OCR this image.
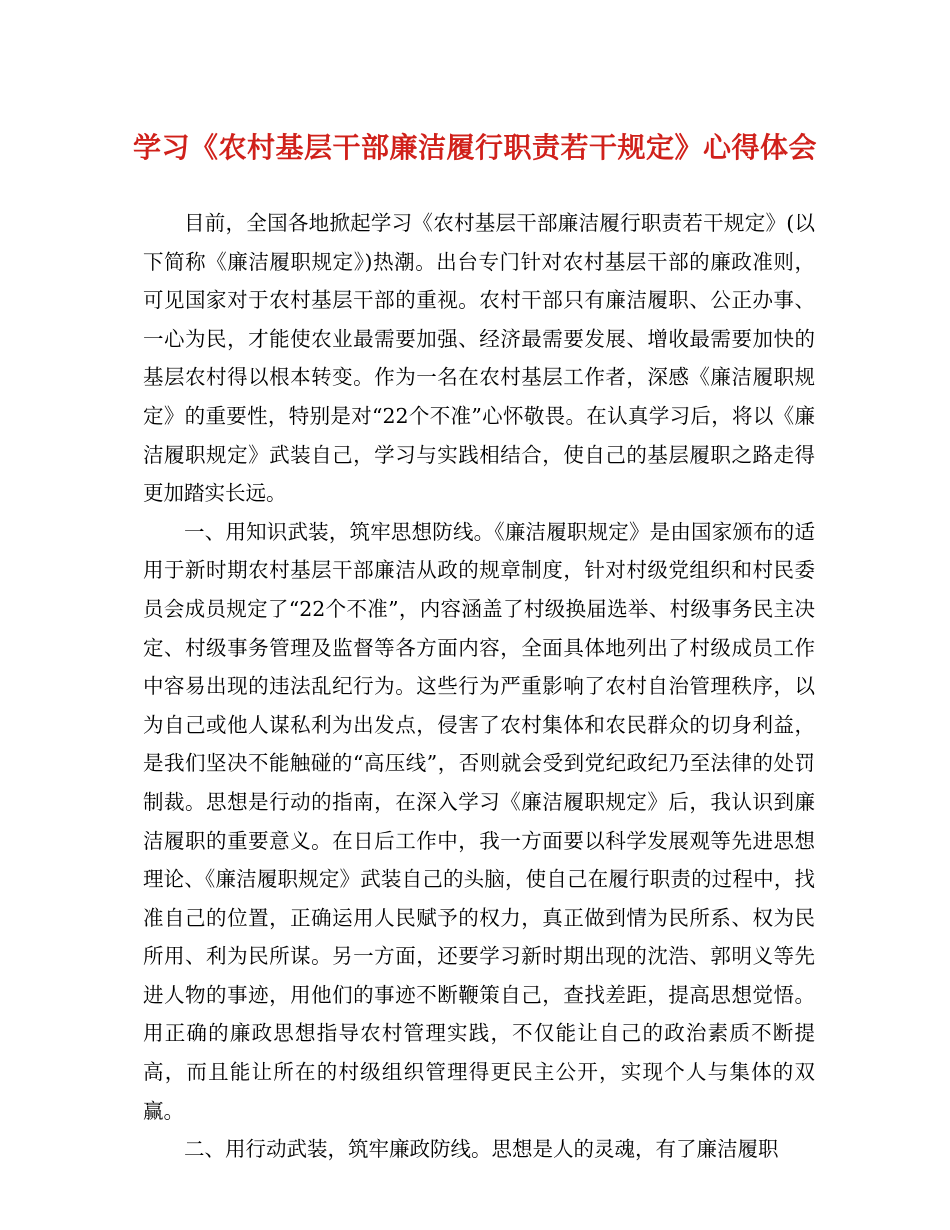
学习《农村基层干部廉洁履行职责若干规定》心得体会

目前，全国各地掀起学习《农村基层干部廉洁履行职责若干规定》(以下简称《廉洁履职规定》)热潮。出台专门针对农村基层干部的廉政准则，可见国家对于农村基层干部的重视。农村干部只有廉洁履职、公正办事、一心为民，才能使农业最需要加强、经济最需要发展、增收最需要加快的基层农村得以根本转变。作为一名在农村基层工作者，深感《廉洁履职规定》的重要性，特别是对“22个不准”心怀敬畏。在认真学习后，将以《廉洁履职规定》武装自己，学习与实践相结合，使自己的基层履职之路走得更加踏实长远。

一、用知识武装，筑牢思想防线。《廉洁履职规定》是由国家颁布的适用于新时期农村基层干部廉洁从政的规章制度，针对村级党组织和村民委员会成员规定了“22个不准”，内容涵盖了村级换届选举、村级事务民主决定、村级事务管理及监督等各方面内容，全面具体地列出了村级成员工作中容易出现的违法乱纪行为。这些行为严重影响了农村自治管理秩序，以为自己或他人谋私利为出发点，侵害了农村集体和农民群众的切身利益，是我们坚决不能触碰的“高压线”，否则就会受到党纪政纪乃至法律的处罚制裁。思想是行动的指南，在深入学习《廉洁履职规定》后，我认识到廉洁履职的重要意义。在日后工作中，我一方面要以科学发展观等先进思想理论、《廉洁履职规定》武装自己的头脑，使自己在履行职责的过程中，找准自己的位置，正确运用人民赋予的权力，真正做到情为民所系、权为民所用、利为民所谋。另一方面，还要学习新时期出现的沈浩、郭明义等先进人物的事迹，用他们的事迹不断鞭策自己，查找差距，提高思想觉悟。用正确的廉政思想指导农村管理实践，不仅能让自己的政治素质不断提高，而且能让所在的村级组织管理得更民主公开，实现个人与集体的双赢。

二、用行动武装，筑牢廉政防线。思想是人的灵魂，有了廉洁履职
